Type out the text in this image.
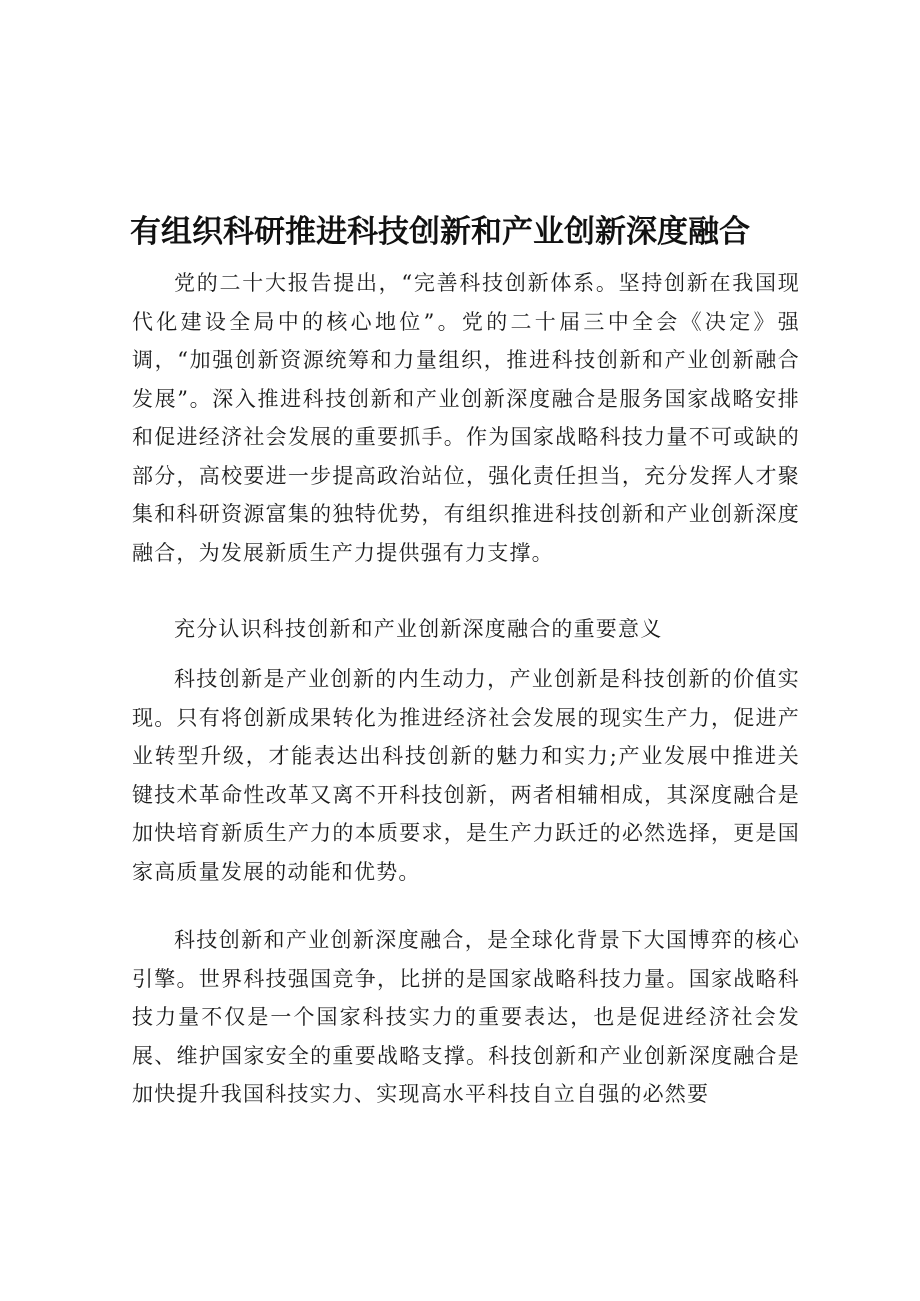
有组织科研推进科技创新和产业创新深度融合

党的二十大报告提出，“完善科技创新体系。坚持创新在我国现代化建设全局中的核心地位”。党的二十届三中全会《决定》强调，“加强创新资源统筹和力量组织，推进科技创新和产业创新融合发展”。深入推进科技创新和产业创新深度融合是服务国家战略安排和促进经济社会发展的重要抓手。作为国家战略科技力量不可或缺的部分，高校要进一步提高政治站位，强化责任担当，充分发挥人才聚集和科研资源富集的独特优势，有组织推进科技创新和产业创新深度融合，为发展新质生产力提供强有力支撑。

充分认识科技创新和产业创新深度融合的重要意义

科技创新是产业创新的内生动力，产业创新是科技创新的价值实现。只有将创新成果转化为推进经济社会发展的现实生产力，促进产业转型升级，才能表达出科技创新的魅力和实力;产业发展中推进关键技术革命性改革又离不开科技创新，两者相辅相成，其深度融合是加快培育新质生产力的本质要求，是生产力跃迁的必然选择，更是国家高质量发展的动能和优势。

科技创新和产业创新深度融合，是全球化背景下大国博弈的核心引擎。世界科技强国竞争，比拼的是国家战略科技力量。国家战略科技力量不仅是一个国家科技实力的重要表达，也是促进经济社会发展、维护国家安全的重要战略支撑。科技创新和产业创新深度融合是加快提升我国科技实力、实现高水平科技自立自强的必然要
